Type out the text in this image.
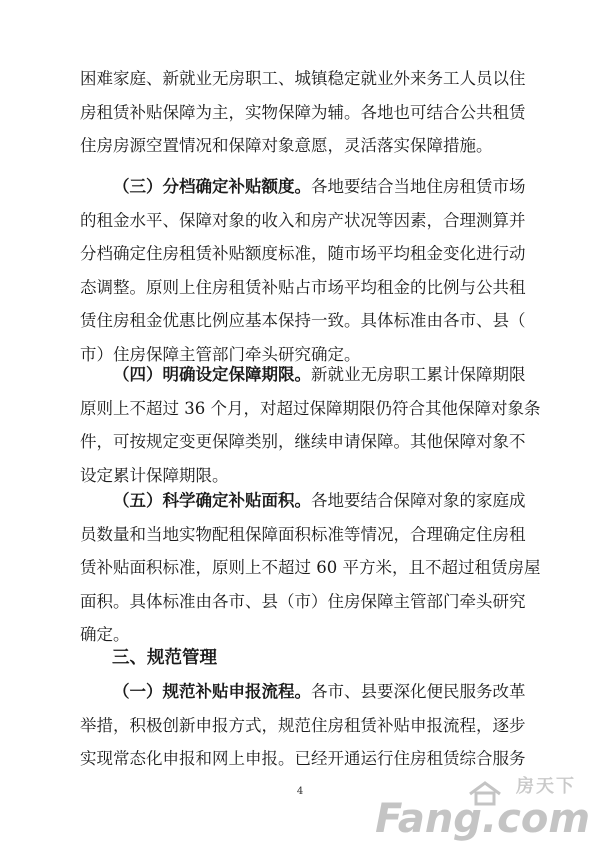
困难家庭、新就业无房职工、城镇稳定就业外来务工人员以住
房租赁补贴保障为主，实物保障为辅。各地也可结合公共租赁
住房房源空置情况和保障对象意愿，灵活落实保障措施。
（三）分档确定补贴额度。各地要结合当地住房租赁市场
的租金水平、保障对象的收入和房产状况等因素，合理测算并
分档确定住房租赁补贴额度标准，随市场平均租金变化进行动
态调整。原则上住房租赁补贴占市场平均租金的比例与公共租
赁住房租金优惠比例应基本保持一致。具体标准由各市、县（
市）住房保障主管部门牵头研究确定。
（四）明确设定保障期限。新就业无房职工累计保障期限
原则上不超过 36 个月，对超过保障期限仍符合其他保障对象条
件，可按规定变更保障类别，继续申请保障。其他保障对象不
设定累计保障期限。
（五）科学确定补贴面积。各地要结合保障对象的家庭成
员数量和当地实物配租保障面积标准等情况，合理确定住房租
赁补贴面积标准，原则上不超过 60 平方米，且不超过租赁房屋
面积。具体标准由各市、县（市）住房保障主管部门牵头研究
确定。
三、规范管理
（一）规范补贴申报流程。各市、县要深化便民服务改革
举措，积极创新申报方式，规范住房租赁补贴申报流程，逐步
实现常态化申报和网上申报。已经开通运行住房租赁综合服务
4	房天下
Fang.com
